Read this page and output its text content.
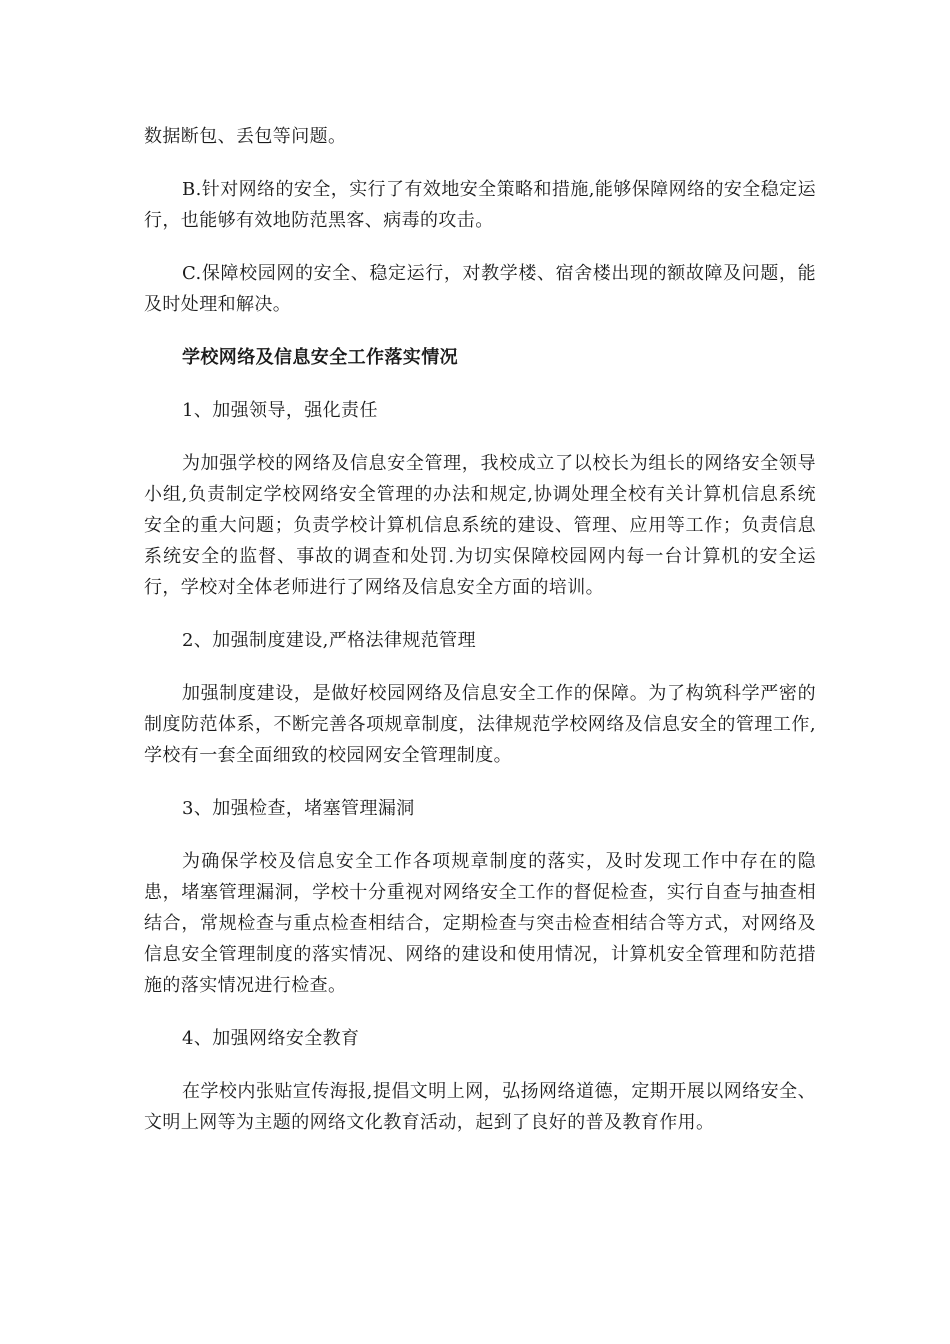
数据断包、丢包等问题。

B.针对网络的安全，实行了有效地安全策略和措施,能够保障网络的安全稳定运行，也能够有效地防范黑客、病毒的攻击。

C.保障校园网的安全、稳定运行，对教学楼、宿舍楼出现的额故障及问题，能及时处理和解决。

学校网络及信息安全工作落实情况

1、加强领导，强化责任

为加强学校的网络及信息安全管理，我校成立了以校长为组长的网络安全领导小组,负责制定学校网络安全管理的办法和规定,协调处理全校有关计算机信息系统安全的重大问题；负责学校计算机信息系统的建设、管理、应用等工作；负责信息系统安全的监督、事故的调查和处罚.为切实保障校园网内每一台计算机的安全运行，学校对全体老师进行了网络及信息安全方面的培训。

2、加强制度建设,严格法律规范管理

加强制度建设，是做好校园网络及信息安全工作的保障。为了构筑科学严密的制度防范体系，不断完善各项规章制度，法律规范学校网络及信息安全的管理工作,学校有一套全面细致的校园网安全管理制度。

3、加强检查，堵塞管理漏洞

为确保学校及信息安全工作各项规章制度的落实，及时发现工作中存在的隐患，堵塞管理漏洞，学校十分重视对网络安全工作的督促检查，实行自查与抽查相结合，常规检查与重点检查相结合，定期检查与突击检查相结合等方式，对网络及信息安全管理制度的落实情况、网络的建设和使用情况，计算机安全管理和防范措施的落实情况进行检查。

4、加强网络安全教育

在学校内张贴宣传海报,提倡文明上网，弘扬网络道德，定期开展以网络安全、文明上网等为主题的网络文化教育活动，起到了良好的普及教育作用。
